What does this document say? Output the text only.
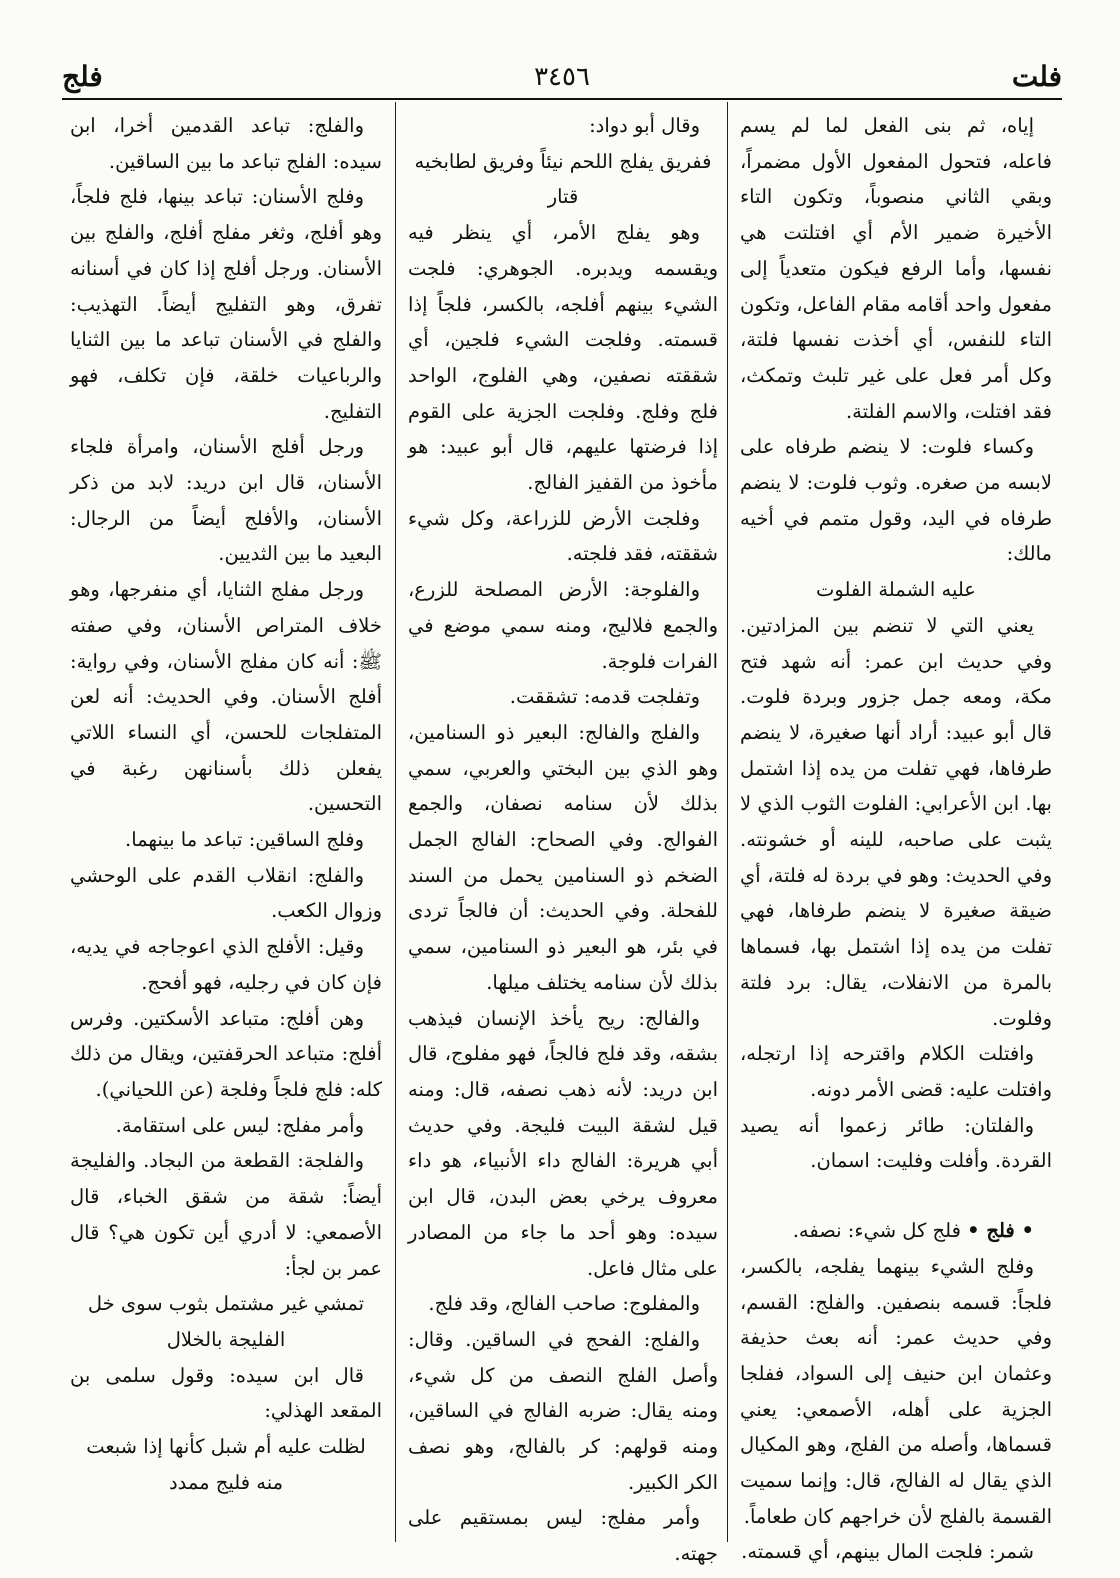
فلت
٣٤٥٦
فلج

إياه، ثم بنى الفعل لما لم يسم فاعله، فتحول المفعول الأول مضمراً، وبقي الثاني منصوباً، وتكون التاء الأخيرة ضمير الأم أي افتلتت هي نفسها، وأما الرفع فيكون متعدياً إلى مفعول واحد أقامه مقام الفاعل، وتكون التاء للنفس، أي أخذت نفسها فلتة، وكل أمر فعل على غير تلبث وتمكث، فقد افتلت، والاسم الفلتة.

وكساء فلوت: لا ينضم طرفاه على لابسه من صغره. وثوب فلوت: لا ينضم طرفاه في اليد، وقول متمم في أخيه مالك:

عليه الشملة الفلوت

يعني التي لا تنضم بين المزادتين. وفي حديث ابن عمر: أنه شهد فتح مكة، ومعه جمل جزور وبردة فلوت. قال أبو عبيد: أراد أنها صغيرة، لا ينضم طرفاها، فهي تفلت من يده إذا اشتمل بها. ابن الأعرابي: الفلوت الثوب الذي لا يثبت على صاحبه، للينه أو خشونته. وفي الحديث: وهو في بردة له فلتة، أي ضيقة صغيرة لا ينضم طرفاها، فهي تفلت من يده إذا اشتمل بها، فسماها بالمرة من الانفلات، يقال: برد فلتة وفلوت.

وافتلت الكلام واقترحه إذا ارتجله، وافتلت عليه: قضى الأمر دونه.

والفلتان: طائر زعموا أنه يصيد القردة. وأفلت وفليت: اسمان.

• فلج • فلج كل شيء: نصفه.

وفلج الشيء بينهما يفلجه، بالكسر، فلجاً: قسمه بنصفين. والفلج: القسم، وفي حديث عمر: أنه بعث حذيفة وعثمان ابن حنيف إلى السواد، ففلجا الجزية على أهله، الأصمعي: يعني قسماها، وأصله من الفلج، وهو المكيال الذي يقال له الفالج، قال: وإنما سميت القسمة بالفلج لأن خراجهم كان طعاماً.

شمر: فلجت المال بينهم، أي قسمته.

وقال أبو دواد:

ففريق يفلج اللحم نيئاً وفريق لطابخيه قتار

وهو يفلج الأمر، أي ينظر فيه ويقسمه ويدبره. الجوهري: فلجت الشيء بينهم أفلجه، بالكسر، فلجاً إذا قسمته. وفلجت الشيء فلجين، أي شققته نصفين، وهي الفلوج، الواحد فلج وفلج. وفلجت الجزية على القوم إذا فرضتها عليهم، قال أبو عبيد: هو مأخوذ من القفيز الفالج.

وفلجت الأرض للزراعة، وكل شيء شققته، فقد فلجته.

والفلوجة: الأرض المصلحة للزرع، والجمع فلاليج، ومنه سمي موضع في الفرات فلوجة.

وتفلجت قدمه: تشققت.

والفلج والفالج: البعير ذو السنامين، وهو الذي بين البختي والعربي، سمي بذلك لأن سنامه نصفان، والجمع الفوالج. وفي الصحاح: الفالج الجمل الضخم ذو السنامين يحمل من السند للفحلة. وفي الحديث: أن فالجاً تردى في بئر، هو البعير ذو السنامين، سمي بذلك لأن سنامه يختلف ميلها.

والفالج: ريح يأخذ الإنسان فيذهب بشقه، وقد فلج فالجاً، فهو مفلوج، قال ابن دريد: لأنه ذهب نصفه، قال: ومنه قيل لشقة البيت فليجة. وفي حديث أبي هريرة: الفالج داء الأنبياء، هو داء معروف يرخي بعض البدن، قال ابن سيده: وهو أحد ما جاء من المصادر على مثال فاعل.

والمفلوج: صاحب الفالج، وقد فلج.

والفلج: الفحج في الساقين. وقال: وأصل الفلج النصف من كل شيء، ومنه يقال: ضربه الفالج في الساقين، ومنه قولهم: كر بالفالج، وهو نصف الكر الكبير.

وأمر مفلج: ليس بمستقيم على جهته.

والفلج: تباعد القدمين أخرا، ابن سيده: الفلج تباعد ما بين الساقين.

وفلج الأسنان: تباعد بينها، فلج فلجاً، وهو أفلج، وثغر مفلج أفلج، والفلج بين الأسنان. ورجل أفلج إذا كان في أسنانه تفرق، وهو التفليج أيضاً. التهذيب: والفلج في الأسنان تباعد ما بين الثنايا والرباعيات خلقة، فإن تكلف، فهو التفليج.

ورجل أفلج الأسنان، وامرأة فلجاء الأسنان، قال ابن دريد: لابد من ذكر الأسنان، والأفلج أيضاً من الرجال: البعيد ما بين الثديين.

ورجل مفلج الثنايا، أي منفرجها، وهو خلاف المتراص الأسنان، وفي صفته ﷺ: أنه كان مفلج الأسنان، وفي رواية: أفلج الأسنان. وفي الحديث: أنه لعن المتفلجات للحسن، أي النساء اللاتي يفعلن ذلك بأسنانهن رغبة في التحسين.

وفلج الساقين: تباعد ما بينهما.

والفلج: انقلاب القدم على الوحشي وزوال الكعب.

وقيل: الأفلج الذي اعوجاجه في يديه، فإن كان في رجليه، فهو أفحج.

وهن أفلج: متباعد الأسكتين. وفرس أفلج: متباعد الحرقفتين، ويقال من ذلك كله: فلج فلجاً وفلجة (عن اللحياني).

وأمر مفلج: ليس على استقامة.

والفلجة: القطعة من البجاد. والفليجة أيضاً: شقة من شقق الخباء، قال الأصمعي: لا أدري أين تكون هي؟ قال عمر بن لجأ:

تمشي غير مشتمل بثوب سوى خل الفليجة بالخلال

قال ابن سيده: وقول سلمى بن المقعد الهذلي:

لظلت عليه أم شبل كأنها إذا شبعت منه فليج ممدد
